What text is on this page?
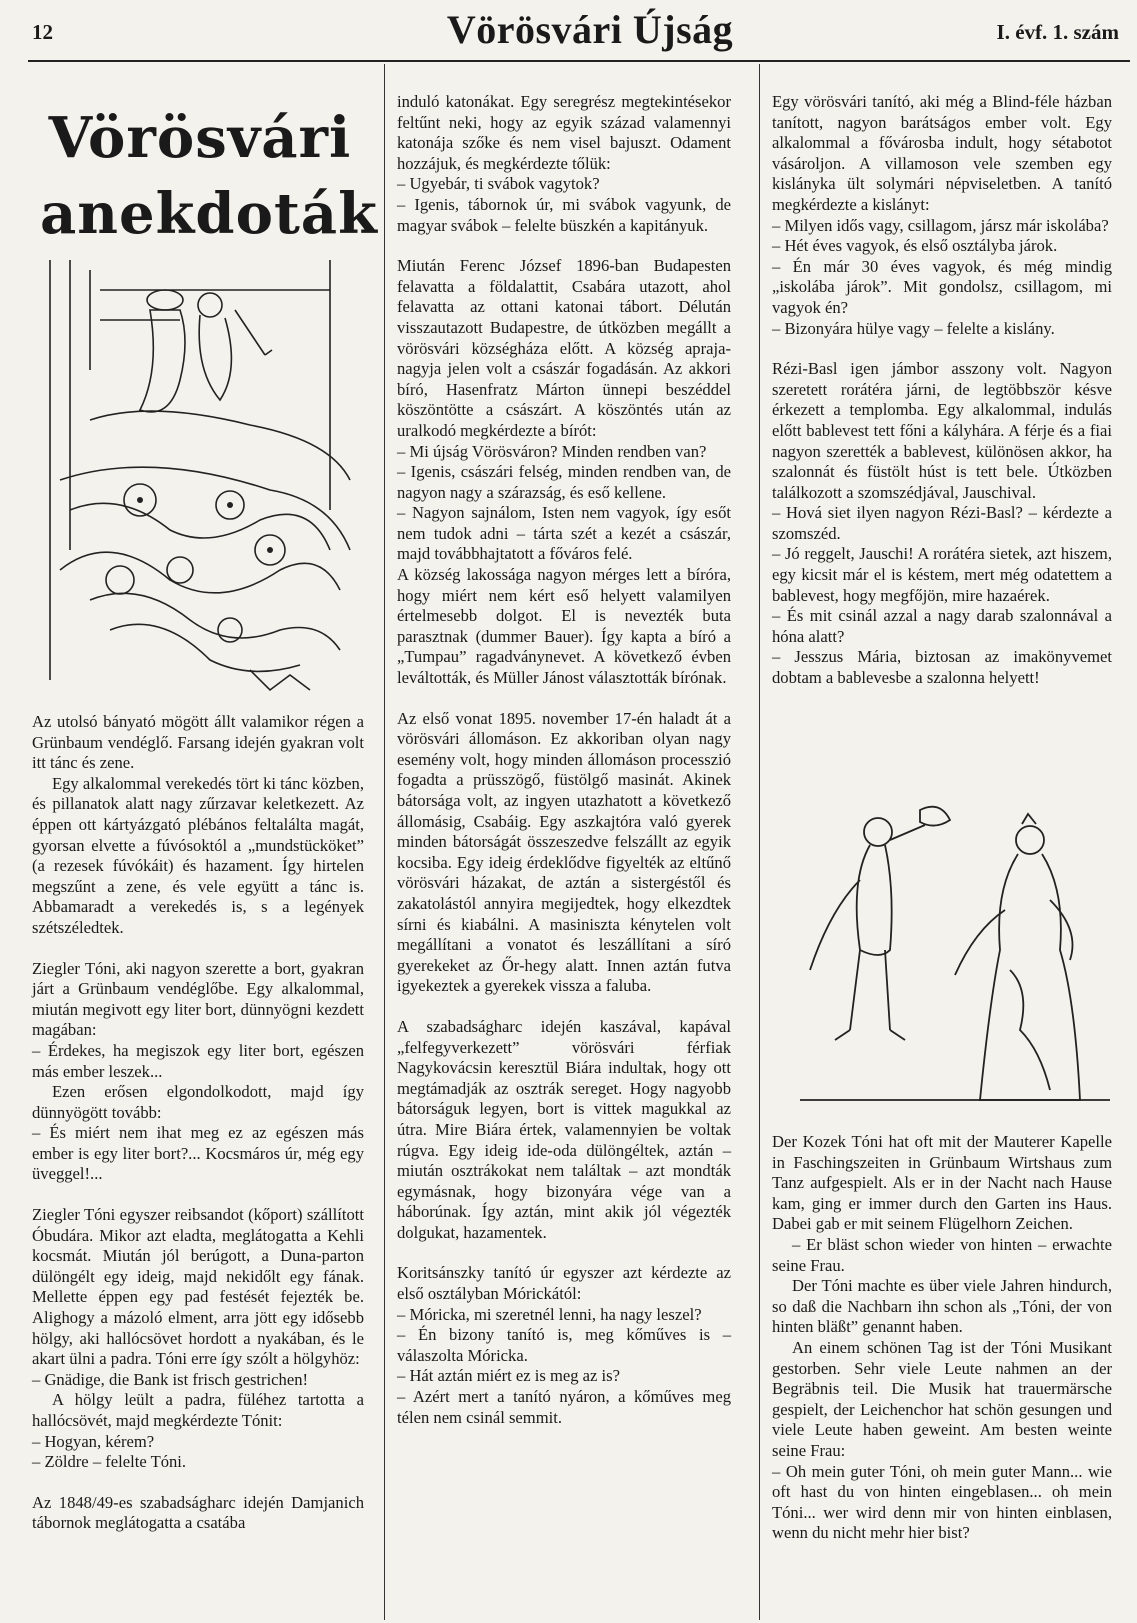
12	Vörösvári Újság	I. évf. 1. szám
Vörösvári
anekdoták

Az utolsó bányató mögött állt valamikor régen a Grünbaum vendéglő. Farsang idején gyakran volt itt tánc és zene.

Egy alkalommal verekedés tört ki tánc közben, és pillanatok alatt nagy zűrzavar keletkezett. Az éppen ott kártyázgató plébános feltalálta magát, gyorsan elvette a fúvósoktól a „mundstücköket” (a rezesek fúvókáit) és hazament. Így hirtelen megszűnt a zene, és vele együtt a tánc is. Abbamaradt a verekedés is, s a legények szétszéledtek.

Ziegler Tóni, aki nagyon szerette a bort, gyakran járt a Grünbaum vendéglőbe. Egy alkalommal, miután megivott egy liter bort, dünnyögni kezdett magában:

– Érdekes, ha megiszok egy liter bort, egészen más ember leszek...

Ezen erősen elgondolkodott, majd így dünnyögött tovább:

– És miért nem ihat meg ez az egészen más ember is egy liter bort?... Kocsmáros úr, még egy üveggel!...

Ziegler Tóni egyszer reibsandot (kőport) szállított Óbudára. Mikor azt eladta, meglátogatta a Kehli kocsmát. Miután jól berúgott, a Duna-parton dülöngélt egy ideig, majd nekidőlt egy fának. Mellette éppen egy pad festését fejezték be. Alighogy a mázoló elment, arra jött egy idősebb hölgy, aki hallócsövet hordott a nyakában, és le akart ülni a padra. Tóni erre így szólt a hölgyhöz:

– Gnädige, die Bank ist frisch gestrichen!

A hölgy leült a padra, füléhez tartotta a hallócsövét, majd megkérdezte Tónit:

– Hogyan, kérem?

– Zöldre – felelte Tóni.

Az 1848/49-es szabadságharc idején Damjanich tábornok meglátogatta a csatába

induló katonákat. Egy seregrész megtekintésekor feltűnt neki, hogy az egyik század valamennyi katonája szőke és nem visel bajuszt. Odament hozzájuk, és megkérdezte tőlük:

– Ugyebár, ti svábok vagytok?

– Igenis, tábornok úr, mi svábok vagyunk, de magyar svábok – felelte büszkén a kapitányuk.

Miután Ferenc József 1896-ban Budapesten felavatta a földalattit, Csabára utazott, ahol felavatta az ottani katonai tábort. Délután visszautazott Budapestre, de útközben megállt a vörösvári községháza előtt. A község apraja-nagyja jelen volt a császár fogadásán. Az akkori bíró, Hasenfratz Márton ünnepi beszéddel köszöntötte a császárt. A köszöntés után az uralkodó megkérdezte a bírót:

– Mi újság Vörösváron? Minden rendben van?

– Igenis, császári felség, minden rendben van, de nagyon nagy a szárazság, és eső kellene.

– Nagyon sajnálom, Isten nem vagyok, így esőt nem tudok adni – tárta szét a kezét a császár, majd továbbhajtatott a főváros felé.

A község lakossága nagyon mérges lett a bíróra, hogy miért nem kért eső helyett valamilyen értelmesebb dolgot. El is nevezték buta parasztnak (dummer Bauer). Így kapta a bíró a „Tumpau” ragadványnevet. A következő évben leváltották, és Müller Jánost választották bírónak.

Az első vonat 1895. november 17-én haladt át a vörösvári állomáson. Ez akkoriban olyan nagy esemény volt, hogy minden állomáson processzió fogadta a prüsszögő, füstölgő masinát. Akinek bátorsága volt, az ingyen utazhatott a következő állomásig, Csabáig. Egy aszkajtóra való gyerek minden bátorságát összeszedve felszállt az egyik kocsiba. Egy ideig érdeklődve figyelték az eltűnő vörösvári házakat, de aztán a sistergéstől és zakatolástól annyira megijedtek, hogy elkezdtek sírni és kiabálni. A masiniszta kénytelen volt megállítani a vonatot és leszállítani a síró gyerekeket az Őr-hegy alatt. Innen aztán futva igyekeztek a gyerekek vissza a faluba.

A szabadságharc idején kaszával, kapával „felfegyverkezett” vörösvári férfiak Nagykovácsin keresztül Biára indultak, hogy ott megtámadják az osztrák sereget. Hogy nagyobb bátorságuk legyen, bort is vittek magukkal az útra. Mire Biára értek, valamennyien be voltak rúgva. Egy ideig ide-oda dülöngéltek, aztán – miután osztrákokat nem találtak – azt mondták egymásnak, hogy bizonyára vége van a háborúnak. Így aztán, mint akik jól végezték dolgukat, hazamentek.

Koritsánszky tanító úr egyszer azt kérdezte az első osztályban Mórickától:

– Móricka, mi szeretnél lenni, ha nagy leszel?

– Én bizony tanító is, meg kőműves is – válaszolta Móricka.

– Hát aztán miért ez is meg az is?

– Azért mert a tanító nyáron, a kőműves meg télen nem csinál semmit.

Egy vörösvári tanító, aki még a Blind-féle házban tanított, nagyon barátságos ember volt. Egy alkalommal a fővárosba indult, hogy sétabotot vásároljon. A villamoson vele szemben egy kislányka ült solymári népviseletben. A tanító megkérdezte a kislányt:

– Milyen idős vagy, csillagom, jársz már iskolába?

– Hét éves vagyok, és első osztályba járok.

– Én már 30 éves vagyok, és még mindig „iskolába járok”. Mit gondolsz, csillagom, mi vagyok én?

– Bizonyára hülye vagy – felelte a kislány.

Rézi-Basl igen jámbor asszony volt. Nagyon szeretett rorátéra járni, de legtöbbször késve érkezett a templomba. Egy alkalommal, indulás előtt bablevest tett főni a kályhára. A férje és a fiai nagyon szerették a bablevest, különösen akkor, ha szalonnát és füstölt húst is tett bele. Útközben találkozott a szomszédjával, Jauschival.

– Hová siet ilyen nagyon Rézi-Basl? – kérdezte a szomszéd.

– Jó reggelt, Jauschi! A rorátéra sietek, azt hiszem, egy kicsit már el is késtem, mert még odatettem a bablevest, hogy megfőjön, mire hazaérek.

– És mit csinál azzal a nagy darab szalonnával a hóna alatt?

– Jesszus Mária, biztosan az imakönyvemet dobtam a bablevesbe a szalonna helyett!

Der Kozek Tóni hat oft mit der Mauterer Kapelle in Faschingszeiten in Grünbaum Wirtshaus zum Tanz aufgespielt. Als er in der Nacht nach Hause kam, ging er immer durch den Garten ins Haus. Dabei gab er mit seinem Flügelhorn Zeichen.

– Er bläst schon wieder von hinten – erwachte seine Frau.

Der Tóni machte es über viele Jahren hindurch, so daß die Nachbarn ihn schon als „Tóni, der von hinten bläßt” genannt haben.

An einem schönen Tag ist der Tóni Musikant gestorben. Sehr viele Leute nahmen an der Begräbnis teil. Die Musik hat trauermärsche gespielt, der Leichenchor hat schön gesungen und viele Leute haben geweint. Am besten weinte seine Frau:

– Oh mein guter Tóni, oh mein guter Mann... wie oft hast du von hinten eingeblasen... oh mein Tóni... wer wird denn mir von hinten einblasen, wenn du nicht mehr hier bist?
